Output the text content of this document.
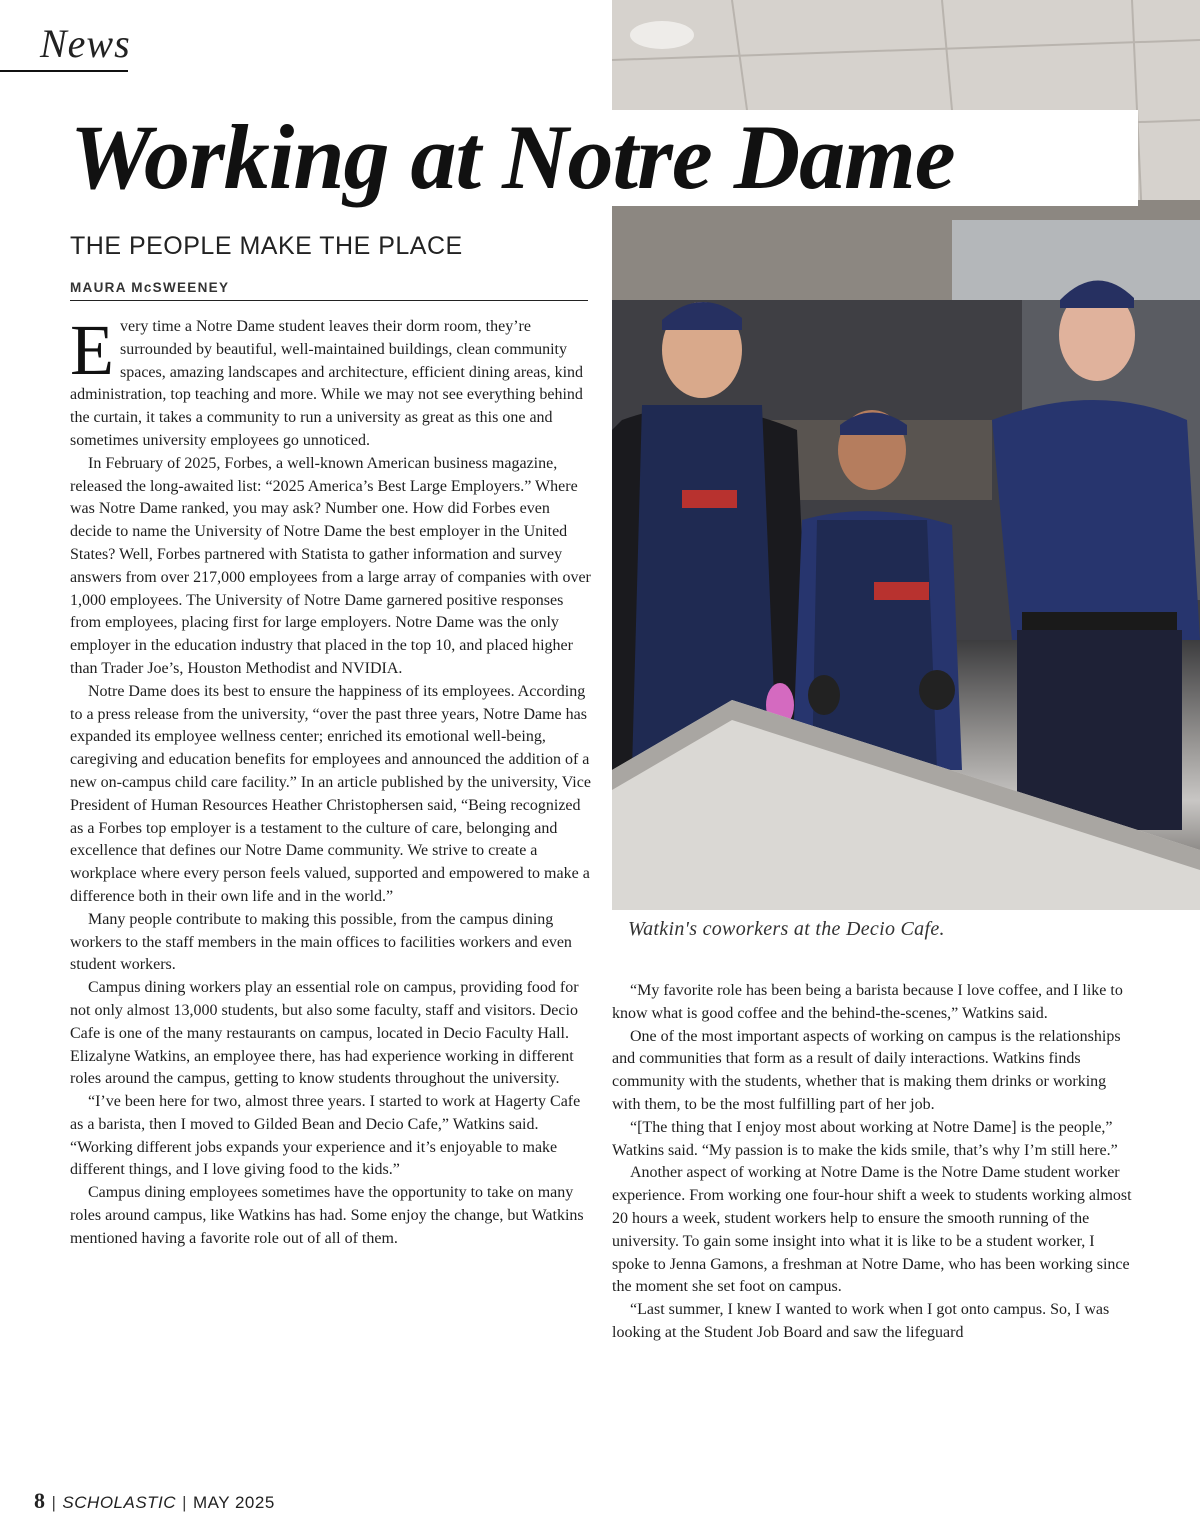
News
Working at Notre Dame
THE PEOPLE MAKE THE PLACE
MAURA McSWEENEY

Every time a Notre Dame student leaves their dorm room, they’re surrounded by beautiful, well-maintained buildings, clean community spaces, amazing landscapes and architecture, efficient dining areas, kind administration, top teaching and more. While we may not see everything behind the curtain, it takes a community to run a university as great as this one and sometimes university employees go unnoticed.

In February of 2025, Forbes, a well-known American business magazine, released the long-awaited list: “2025 America’s Best Large Employers.” Where was Notre Dame ranked, you may ask? Number one. How did Forbes even decide to name the University of Notre Dame the best employer in the United States? Well, Forbes partnered with Statista to gather information and survey answers from over 217,000 employees from a large array of companies with over 1,000 employees. The University of Notre Dame garnered positive responses from employees, placing first for large employers. Notre Dame was the only employer in the education industry that placed in the top 10, and placed higher than Trader Joe’s, Houston Methodist and NVIDIA.

Notre Dame does its best to ensure the happiness of its employees. According to a press release from the university, “over the past three years, Notre Dame has expanded its employee wellness center; enriched its emotional well-being, caregiving and education benefits for employees and announced the addition of a new on-campus child care facility.” In an article published by the university, Vice President of Human Resources Heather Christophersen said, “Being recognized as a Forbes top employer is a testament to the culture of care, belonging and excellence that defines our Notre Dame community. We strive to create a workplace where every person feels valued, supported and empowered to make a difference both in their own life and in the world.”

Many people contribute to making this possible, from the campus dining workers to the staff members in the main offices to facilities workers and even student workers.

Campus dining workers play an essential role on campus, providing food for not only almost 13,000 students, but also some faculty, staff and visitors. Decio Cafe is one of the many restaurants on campus, located in Decio Faculty Hall. Elizalyne Watkins, an employee there, has had experience working in different roles around the campus, getting to know students throughout the university.

“I’ve been here for two, almost three years. I started to work at Hagerty Cafe as a barista, then I moved to Gilded Bean and Decio Cafe,” Watkins said. “Working different jobs expands your experience and it’s enjoyable to make different things, and I love giving food to the kids.”

Campus dining employees sometimes have the opportunity to take on many roles around campus, like Watkins has had. Some enjoy the change, but Watkins mentioned having a favorite role out of all of them.

Watkin's coworkers at the Decio Cafe.

“My favorite role has been being a barista because I love coffee, and I like to know what is good coffee and the behind-the-scenes,” Watkins said.

One of the most important aspects of working on campus is the relationships and communities that form as a result of daily interactions. Watkins finds community with the students, whether that is making them drinks or working with them, to be the most fulfilling part of her job.

“[The thing that I enjoy most about working at Notre Dame] is the people,” Watkins said. “My passion is to make the kids smile, that’s why I’m still here.”

Another aspect of working at Notre Dame is the Notre Dame student worker experience. From working one four-hour shift a week to students working almost 20 hours a week, student workers help to ensure the smooth running of the university. To gain some insight into what it is like to be a student worker, I spoke to Jenna Gamons, a freshman at Notre Dame, who has been working since the moment she set foot on campus.

“Last summer, I knew I wanted to work when I got onto campus. So, I was looking at the Student Job Board and saw the lifeguard

8 | SCHOLASTIC | MAY 2025
